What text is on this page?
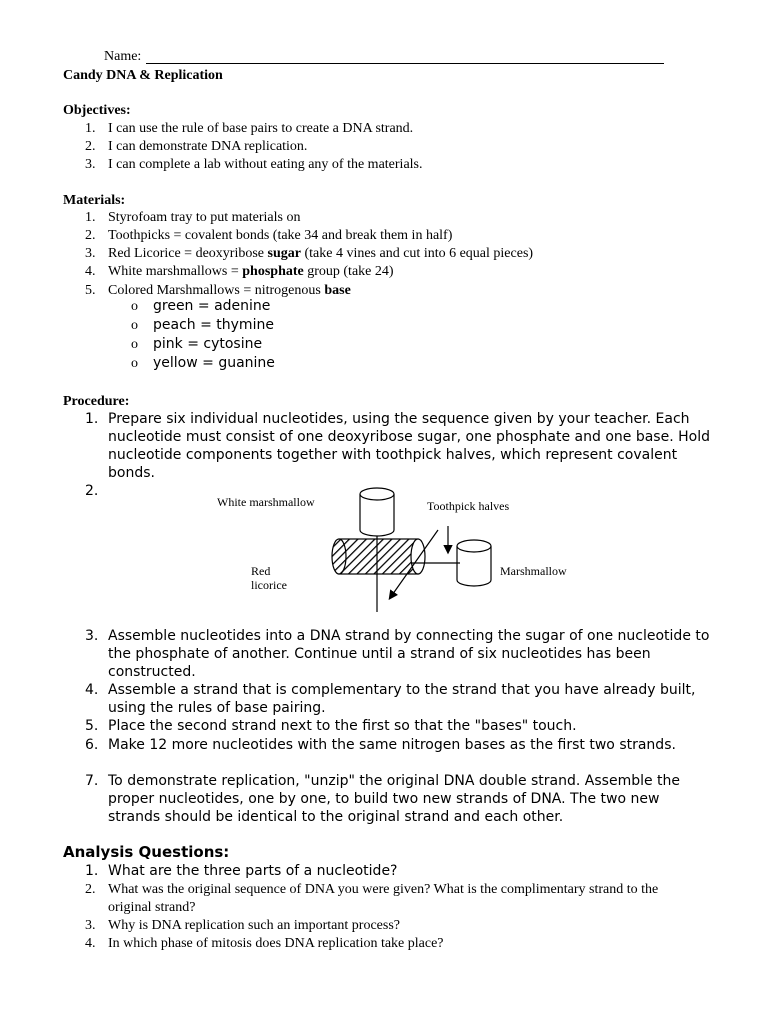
Name:
Candy DNA & Replication
Objectives:
1. I can use the rule of base pairs to create a DNA strand.
2. I can demonstrate DNA replication.
3. I can complete a lab without eating any of the materials.
Materials:
1. Styrofoam tray to put materials on
2. Toothpicks = covalent bonds (take 34 and break them in half)
3. Red Licorice = deoxyribose sugar (take 4 vines and cut into 6 equal pieces)
4. White marshmallows = phosphate group (take 24)
5. Colored Marshmallows = nitrogenous base
o green = adenine
o peach = thymine
o pink = cytosine
o yellow = guanine
Procedure:
1. Prepare six individual nucleotides, using the sequence given by your teacher. Each nucleotide must consist of one deoxyribose sugar, one phosphate and one base. Hold nucleotide components together with toothpick halves, which represent covalent bonds.
2.
White marshmallow	Toothpick halves
Red
licorice
Marshmallow
3. Assemble nucleotides into a DNA strand by connecting the sugar of one nucleotide to the phosphate of another. Continue until a strand of six nucleotides has been constructed.
4. Assemble a strand that is complementary to the strand that you have already built, using the rules of base pairing.
5. Place the second strand next to the first so that the "bases" touch.
6. Make 12 more nucleotides with the same nitrogen bases as the first two strands.
7. To demonstrate replication, "unzip" the original DNA double strand. Assemble the proper nucleotides, one by one, to build two new strands of DNA. The two new strands should be identical to the original strand and each other.
Analysis Questions:
1. What are the three parts of a nucleotide?
2. What was the original sequence of DNA you were given? What is the complimentary strand to the original strand?
3. Why is DNA replication such an important process?
4. In which phase of mitosis does DNA replication take place?
